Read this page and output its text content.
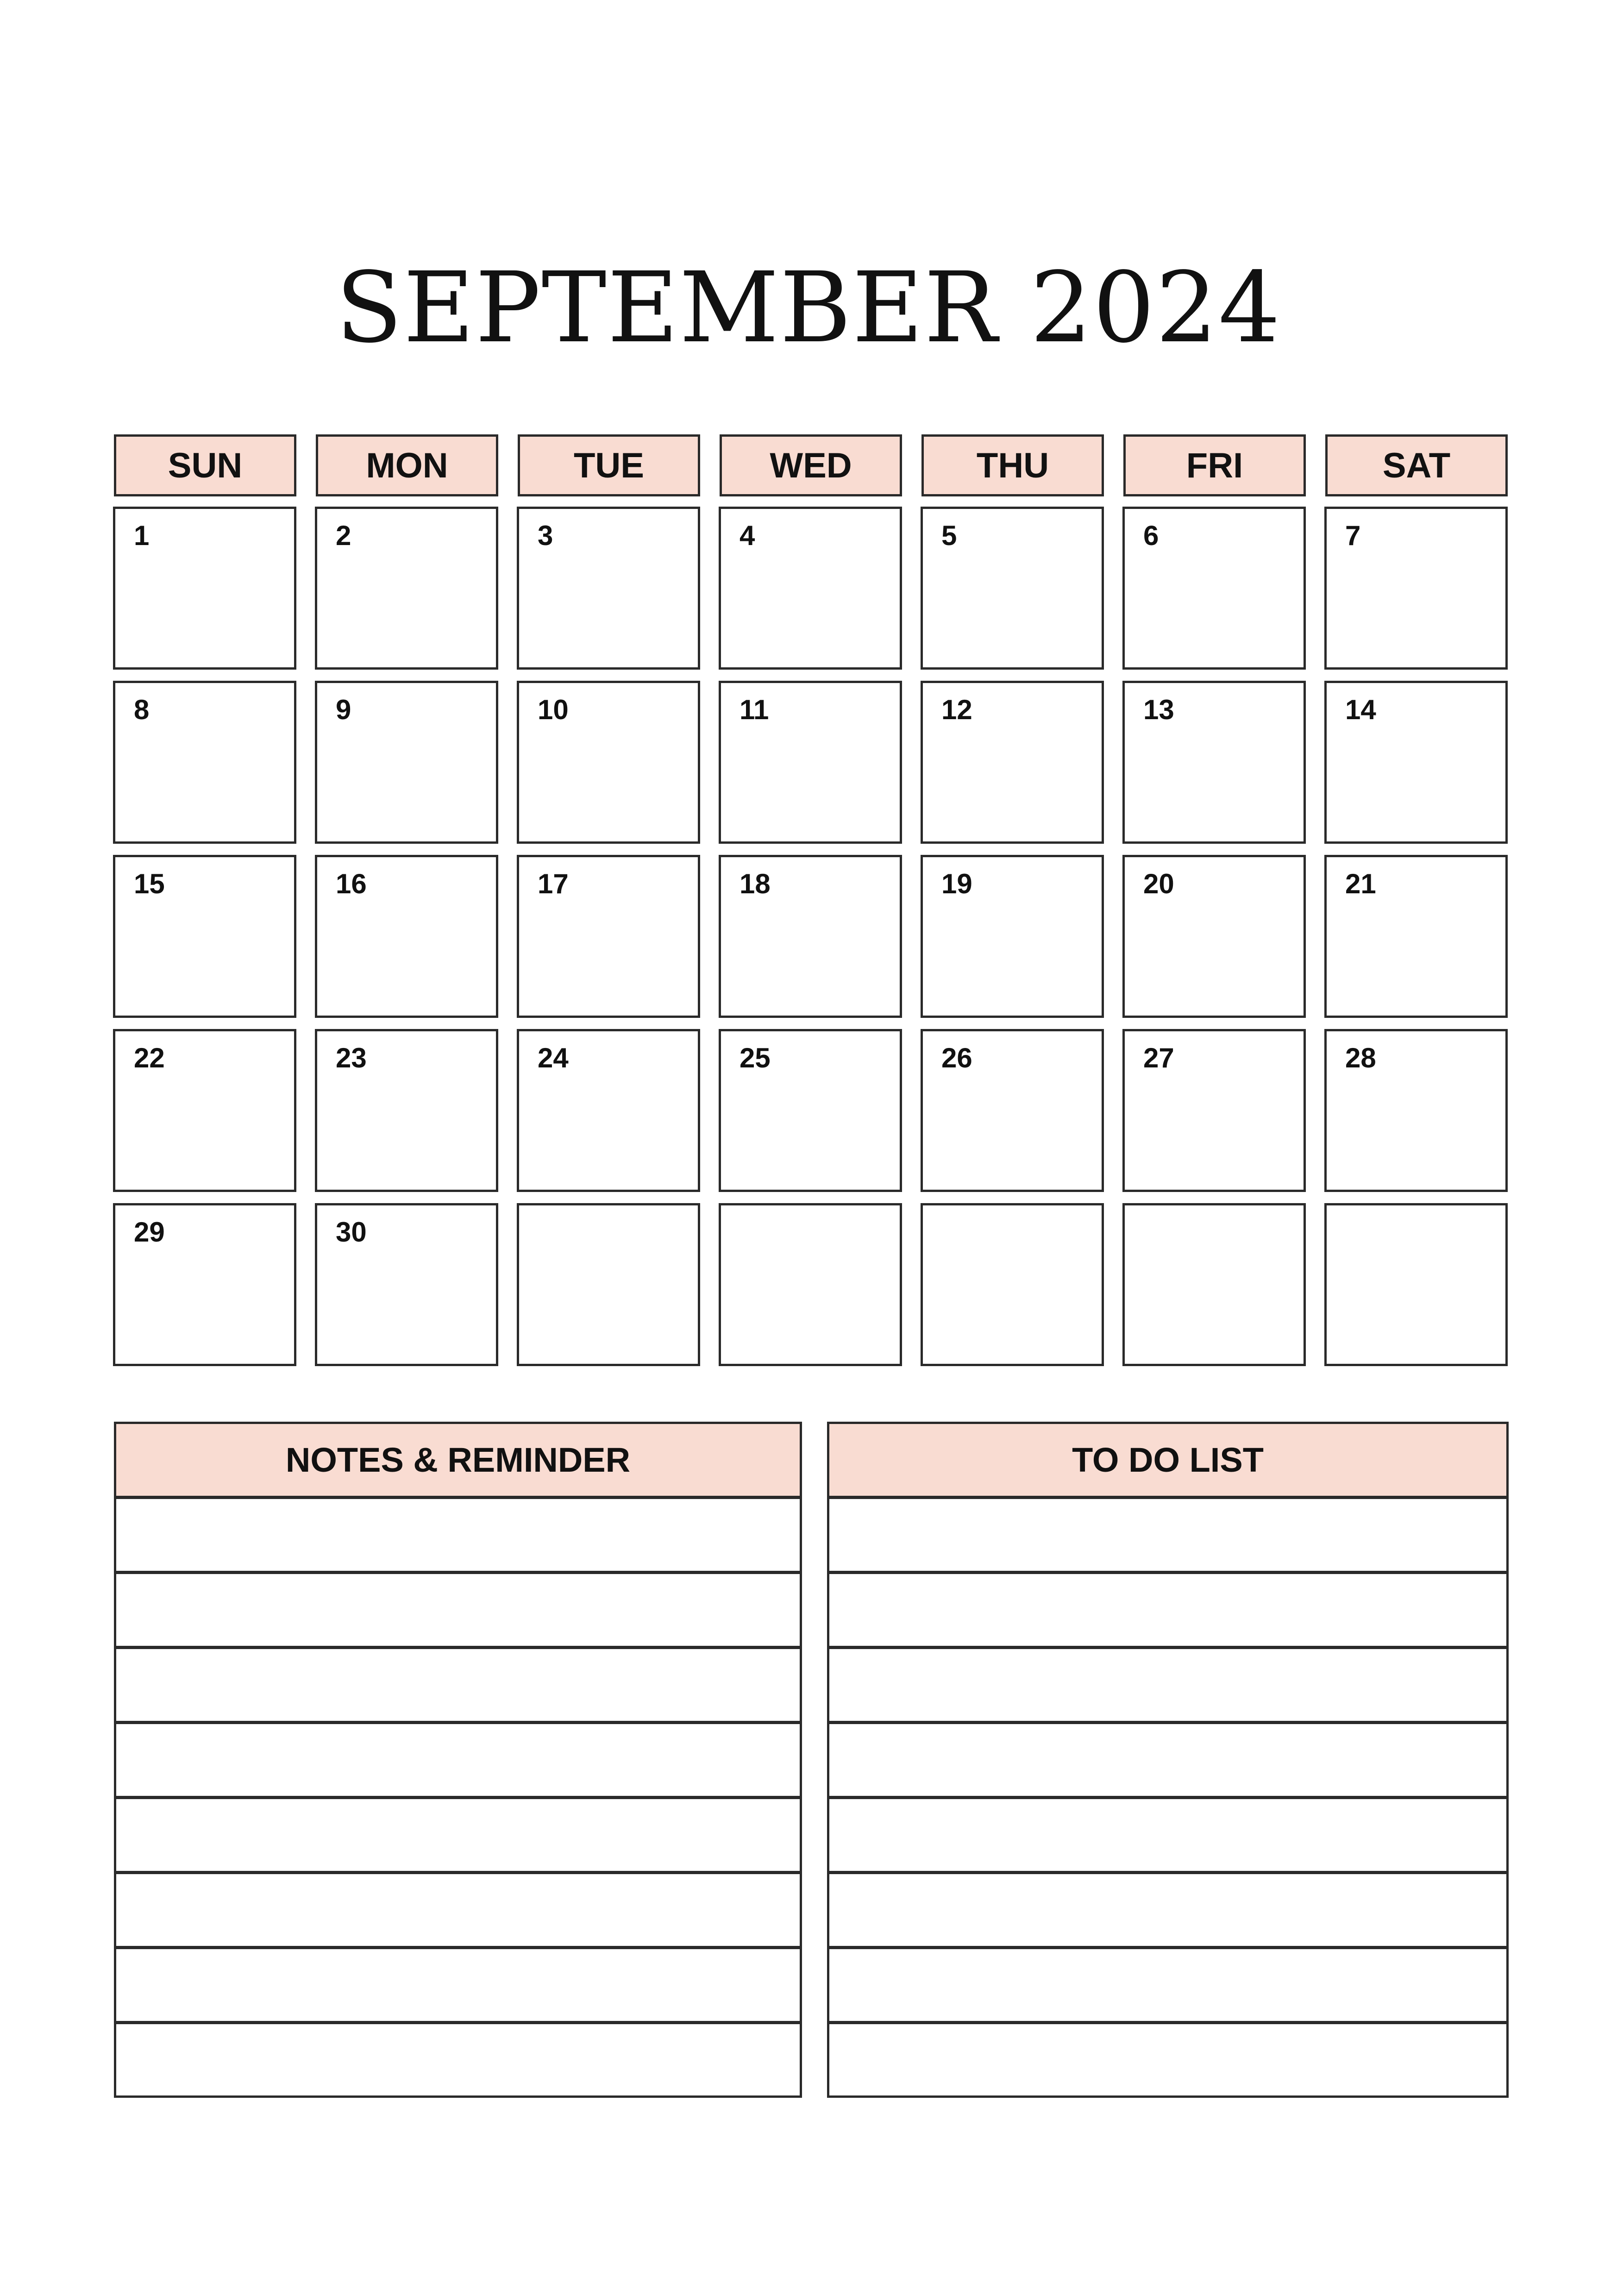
SEPTEMBER 2024
SUN	MON	TUE	WED	THU	FRI	SAT
1	2	3	4	5	6	7
8	9	10	11	12	13	14
15	16	17	18	19	20	21
22	23	24	25	26	27	28
29	30
NOTES & REMINDER	TO DO LIST
